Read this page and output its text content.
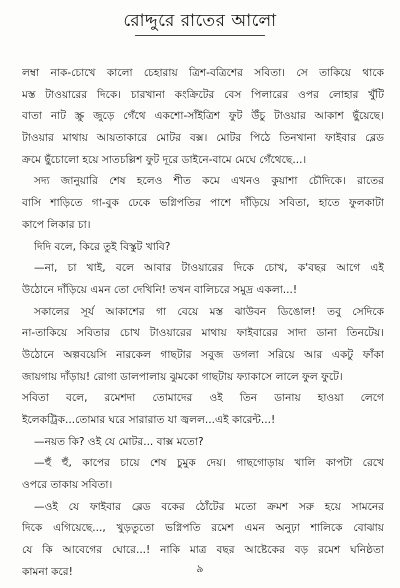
রোদ্দুরে রাতের আলো
লম্বা নাক-চোখে কালো চেহারায় ত্রিশ-বত্রিশের সবিতা। সে তাকিয়ে থাকে
মস্ত টাওয়ারের দিকে। চারখানা কংক্রিটের বেস পিলারের ওপর লোহার খুঁটি
বাতা নাট স্ক্রু জুড়ে গেঁথে একশো-সাঁইত্রিশ ফুট উঁচু টাওয়ার আকাশ ছুঁয়েছে।
টাওয়ার মাথায় আয়তাকারে মোটর বক্স। মোটর পিঠে তিনখানা ফাইবার ব্লেড
ক্রমে ছুঁচোলো হয়ে সাতচল্লিশ ফুট দূরে ডাইনে-বামে মেঘে গেঁথেছে...।
সদ্য জানুয়ারি শেষ হলেও শীত কমে এখনও কুয়াশা চৌদিকে। রাতের
বাসি শাড়িতে গা-বুক ঢেকে ভগ্নিপতির পাশে দাঁড়িয়ে সবিতা, হাতে ফুলকাটা
কাপে লিকার চা।
দিদি বলে, কিরে তুই বিস্কুট খাবি?
—না, চা খাই, বলে আবার টাওয়ারের দিকে চোখ, ক'বছর আগে এই
উঠোনে দাঁড়িয়ে এমন তো দেখিনি! তখন বালিচরে সমুদ্র একলা...!
সকালের সূর্য আকাশের গা বেয়ে মস্ত ঝাউবন ডিঙোল! তবু সেদিকে
না-তাকিয়ে সবিতার চোখ টাওয়ারের মাথায় ফাইবারের সাদা ডানা তিনটেয়।
উঠোনে অল্পবয়েসি নারকেল গাছটার সবুজ ডগলা সরিয়ে আর একটু ফাঁকা
জায়গায় দাঁড়ায়! রোগা ডালপালায় ঝুমকো গাছটায় ফ্যাকাসে লালে ফুল ফুটে।
সবিতা বলে, রমেশদা তোমাদের ওই তিন ডানায় হাওয়া লেগে
ইলেকট্রিক...তোমার ঘরে সারারাত যা জ্বলল...এই কারেন্ট...!
—নয়ত কি? ওই যে মোটর... বাক্স মতো?
—হুঁ হুঁ, কাপের চায়ে শেষ চুমুক দেয়। গাছগোড়ায় খালি কাপটা রেখে
ওপরে তাকায় সবিতা।
—ওই যে ফাইবার ব্লেড বকের ঠোঁটের মতো ক্রমশ সরু হয়ে সামনের
দিকে এগিয়েছে..., খুড়তুতো ভগ্নিপতি রমেশ এমন অনুঢ়া শালিকে বোঝায়
যে কি আবেগের ঘোরে...! নাকি মাত্র বছর আষ্টেকের বড় রমেশ ঘনিষ্ঠতা
কামনা করে!	৯
